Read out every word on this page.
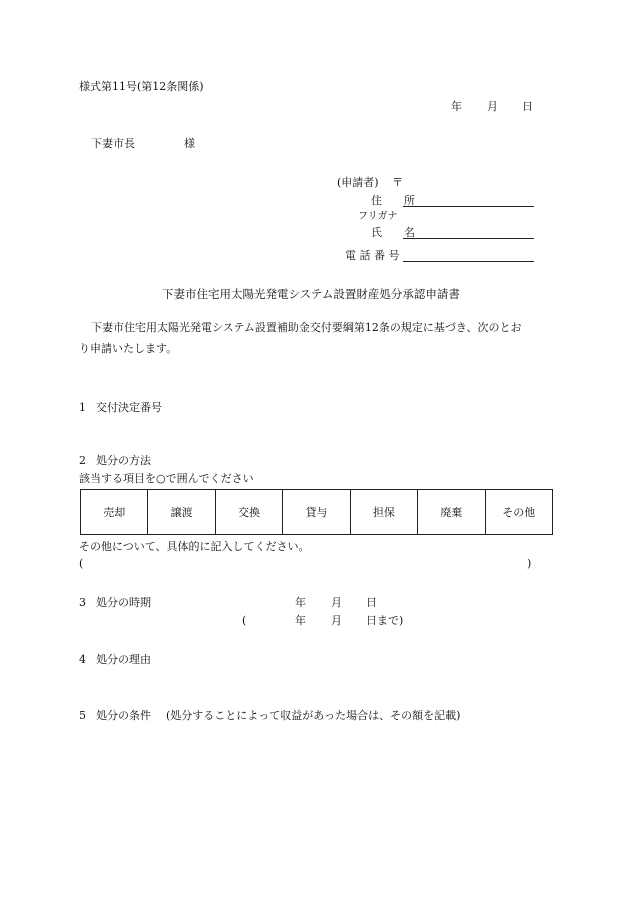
様式第11号(第12条関係)
年 月 日
下妻市長	様
(申請者) 〒
住　　所
フリガナ
氏　　名
電 話 番 号
下妻市住宅用太陽光発電システム設置財産処分承認申請書
下妻市住宅用太陽光発電システム設置補助金交付要綱第12条の規定に基づき、次のとお
り申請いたします。
1 交付決定番号
2 処分の方法
該当する項目を○で囲んでください
売却	譲渡	交換	貸与	担保	廃棄	その他
その他について、具体的に記入してください。
(	)
3 処分の時期	年 月 日
(	年 月 日まで)
4 処分の理由
5 処分の条件 (処分することによって収益があった場合は、その額を記載)
